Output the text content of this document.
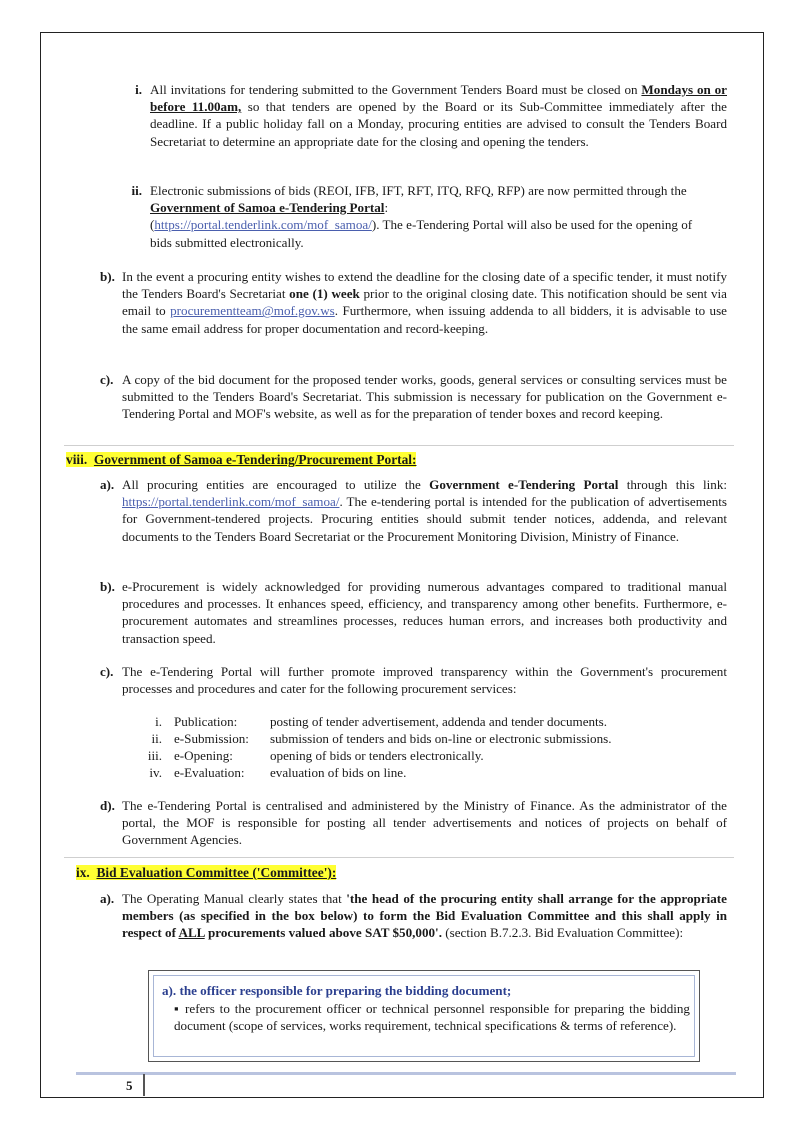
i. All invitations for tendering submitted to the Government Tenders Board must be closed on Mondays on or before 11.00am, so that tenders are opened by the Board or its Sub-Committee immediately after the deadline. If a public holiday fall on a Monday, procuring entities are advised to consult the Tenders Board Secretariat to determine an appropriate date for the closing and opening the tenders.
ii. Electronic submissions of bids (REOI, IFB, IFT, RFT, ITQ, RFQ, RFP) are now permitted through the Government of Samoa e-Tendering Portal:
(https://portal.tenderlink.com/mof_samoa/). The e-Tendering Portal will also be used for the opening of bids submitted electronically.
b). In the event a procuring entity wishes to extend the deadline for the closing date of a specific tender, it must notify the Tenders Board's Secretariat one (1) week prior to the original closing date. This notification should be sent via email to procurementteam@mof.gov.ws. Furthermore, when issuing addenda to all bidders, it is advisable to use the same email address for proper documentation and record-keeping.
c). A copy of the bid document for the proposed tender works, goods, general services or consulting services must be submitted to the Tenders Board's Secretariat. This submission is necessary for publication on the Government e-Tendering Portal and MOF's website, as well as for the preparation of tender boxes and record keeping.
viii. Government of Samoa e-Tendering/Procurement Portal:
a). All procuring entities are encouraged to utilize the Government e-Tendering Portal through this link: https://portal.tenderlink.com/mof_samoa/. The e-tendering portal is intended for the publication of advertisements for Government-tendered projects. Procuring entities should submit tender notices, addenda, and relevant documents to the Tenders Board Secretariat or the Procurement Monitoring Division, Ministry of Finance.
b). e-Procurement is widely acknowledged for providing numerous advantages compared to traditional manual procedures and processes. It enhances speed, efficiency, and transparency among other benefits. Furthermore, e-procurement automates and streamlines processes, reduces human errors, and increases both productivity and transaction speed.
c). The e-Tendering Portal will further promote improved transparency within the Government's procurement processes and procedures and cater for the following procurement services:
i. Publication:	posting of tender advertisement, addenda and tender documents.
ii. e-Submission:	submission of tenders and bids on-line or electronic submissions.
iii. e-Opening:	opening of bids or tenders electronically.
iv. e-Evaluation:	evaluation of bids on line.
d). The e-Tendering Portal is centralised and administered by the Ministry of Finance. As the administrator of the portal, the MOF is responsible for posting all tender advertisements and notices of projects on behalf of Government Agencies.
ix. Bid Evaluation Committee ('Committee'):
a). The Operating Manual clearly states that 'the head of the procuring entity shall arrange for the appropriate members (as specified in the box below) to form the Bid Evaluation Committee and this shall apply in respect of ALL procurements valued above SAT $50,000'. (section B.7.2.3. Bid Evaluation Committee):
a). the officer responsible for preparing the bidding document;
▪ refers to the procurement officer or technical personnel responsible for preparing the bidding document (scope of services, works requirement, technical specifications & terms of reference).
5
